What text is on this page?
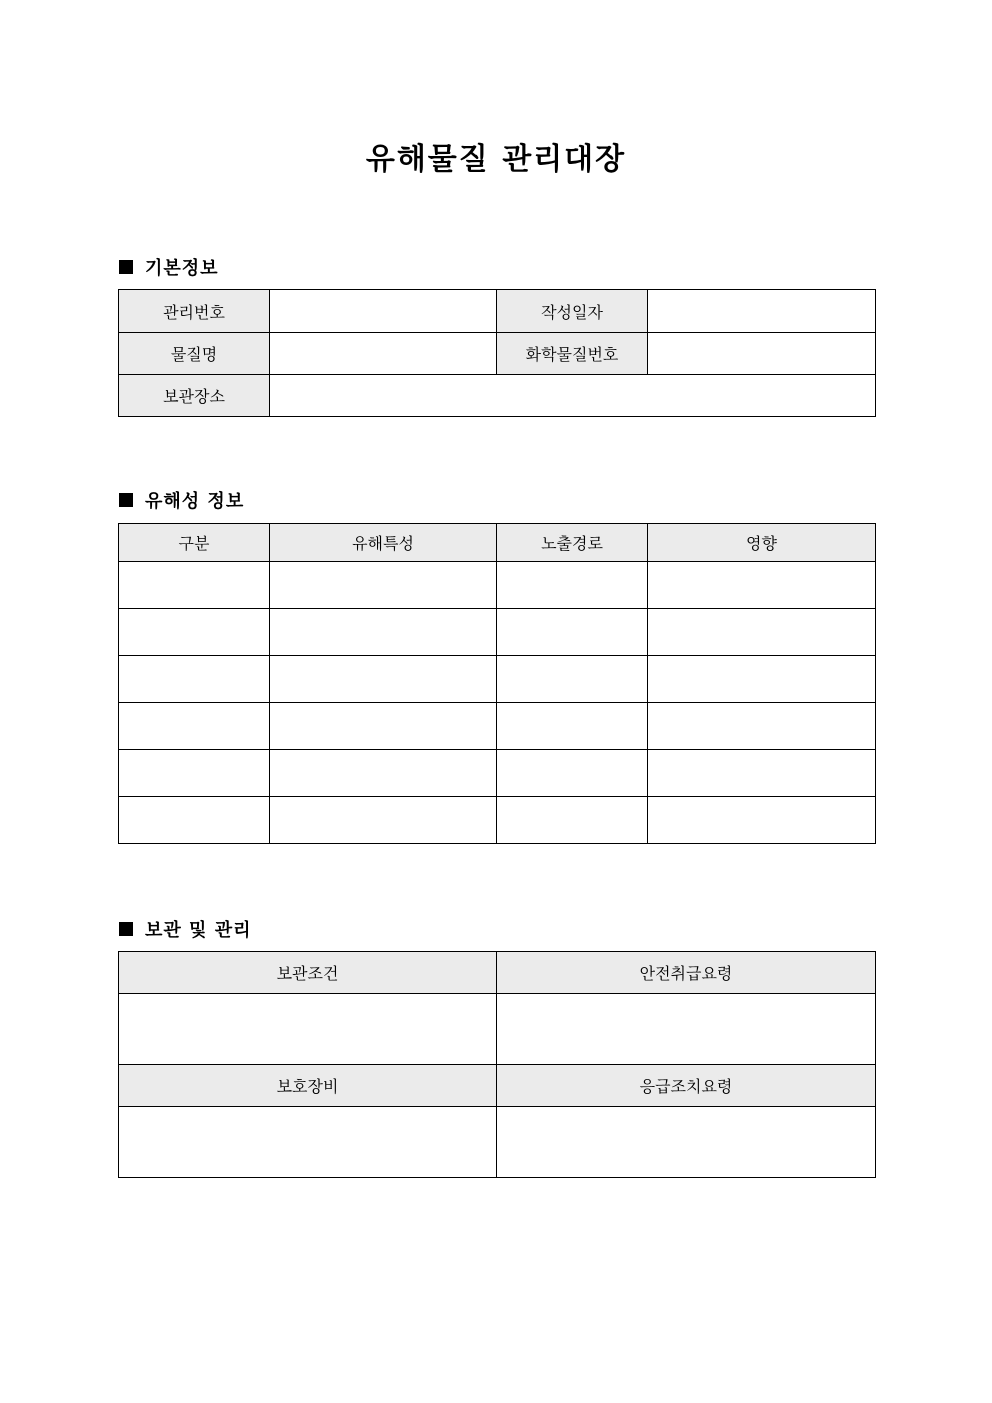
유해물질 관리대장
기본정보
관리번호		작성일자	
물질명		화학물질번호	
보관장소			
유해성 정보
구분	유해특성	노출경로	영향

보관 및 관리
보관조건	안전취급요령

보호장비	응급조치요령
